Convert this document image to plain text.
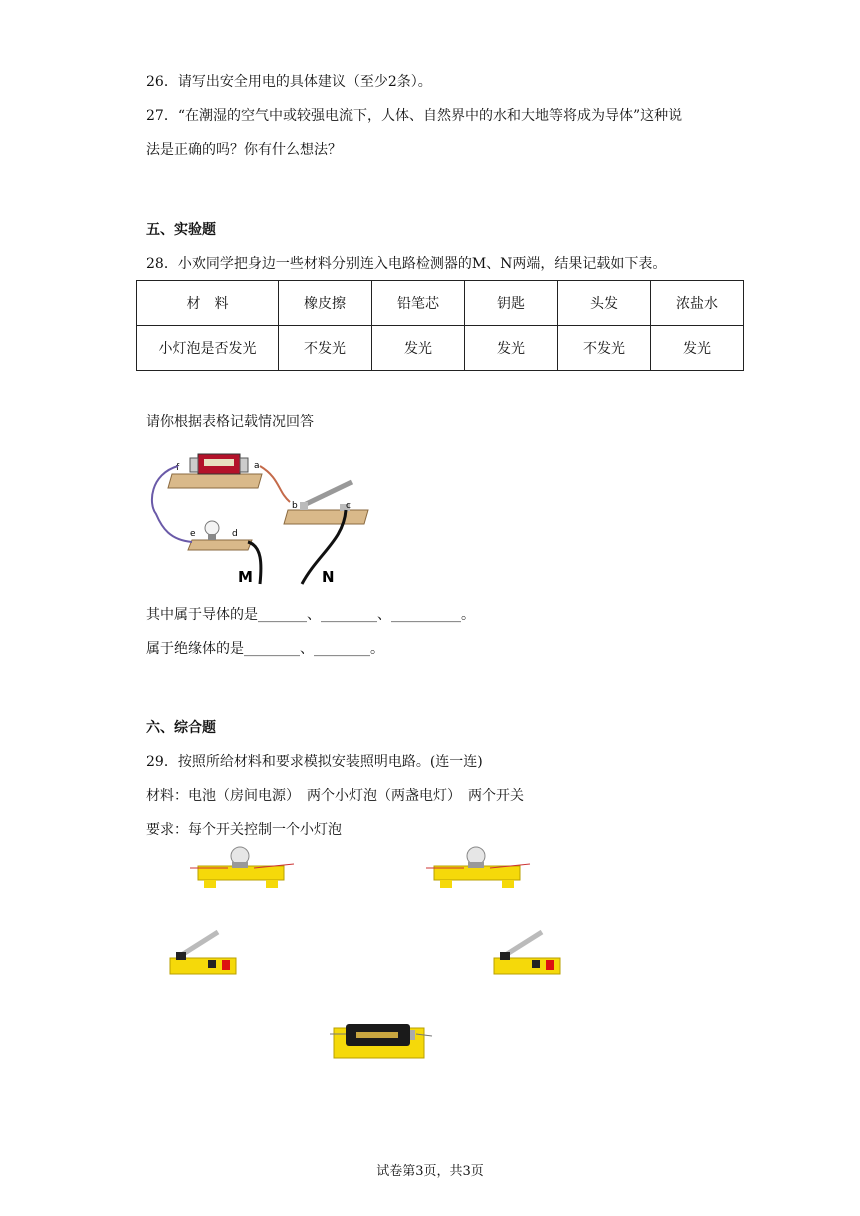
26．请写出安全用电的具体建议（至少2条）。
27．“在潮湿的空气中或较强电流下，人体、自然界中的水和大地等将成为导体”这种说
法是正确的吗？你有什么想法？
五、实验题
28．小欢同学把身边一些材料分别连入电路检测器的M、N两端，结果记载如下表。
材　料	橡皮擦	铅笔芯	钥匙	头发	浓盐水
小灯泡是否发光	不发光	发光	发光	不发光	发光
请你根据表格记载情况回答
f	a
b	c
e	d
M	N
其中属于导体的是_______、________、__________。
属于绝缘体的是________、________。
六、综合题
29．按照所给材料和要求模拟安装照明电路。(连一连)
材料：电池（房间电源）　两个小灯泡（两盏电灯）　两个开关
要求：每个开关控制一个小灯泡
试卷第3页，共3页
